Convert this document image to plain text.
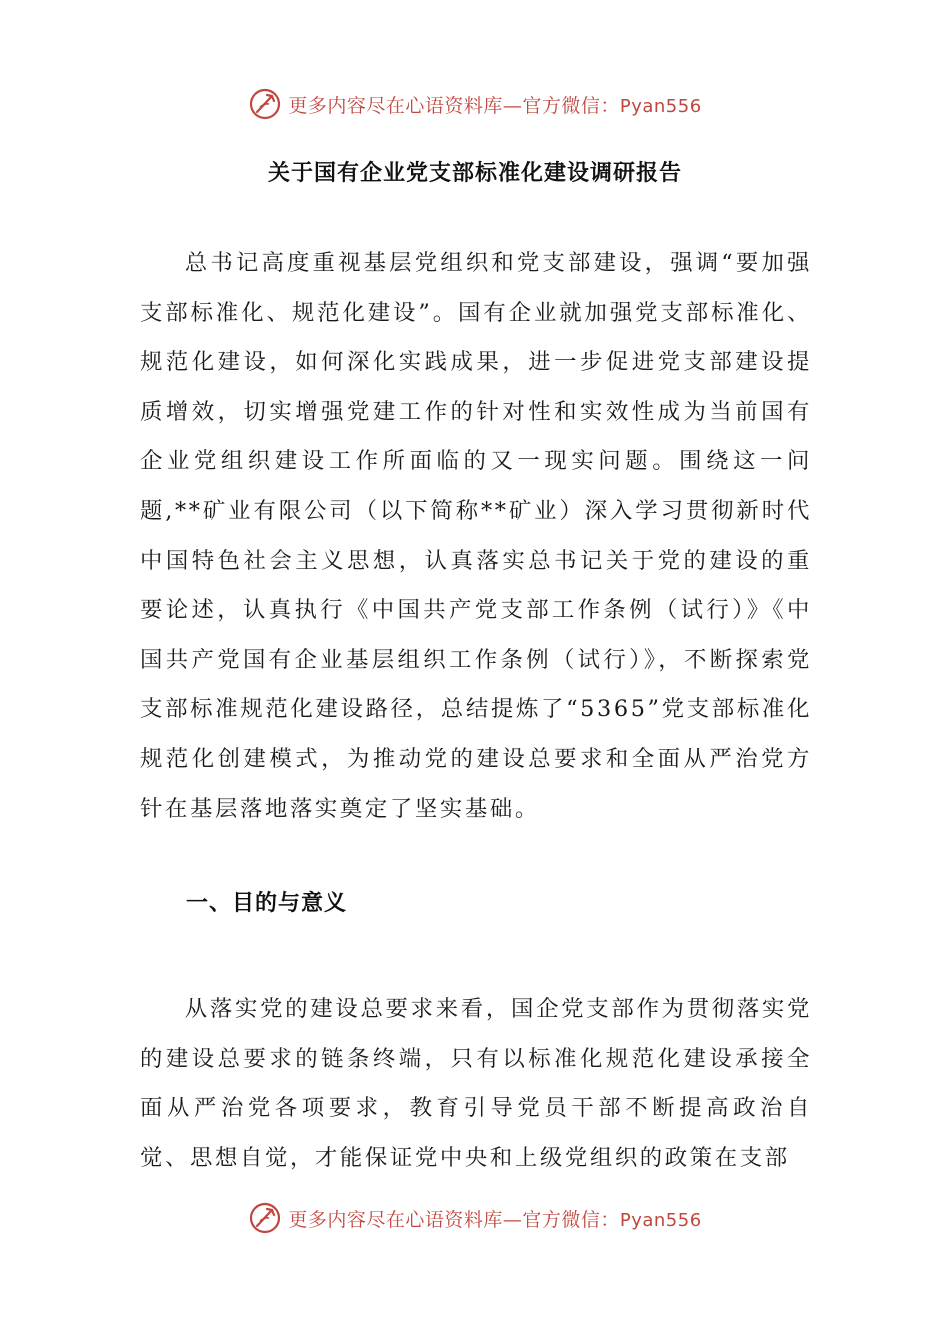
更多内容尽在心语资料库—官方微信：Pyan556
关于国有企业党支部标准化建设调研报告

总书记高度重视基层党组织和党支部建设，强调“要加强支部标准化、规范化建设”。国有企业就加强党支部标准化、规范化建设，如何深化实践成果，进一步促进党支部建设提质增效，切实增强党建工作的针对性和实效性成为当前国有企业党组织建设工作所面临的又一现实问题。围绕这一问题,**矿业有限公司（以下简称**矿业）深入学习贯彻新时代中国特色社会主义思想，认真落实总书记关于党的建设的重要论述，认真执行《中国共产党支部工作条例（试行）》《中国共产党国有企业基层组织工作条例（试行）》，不断探索党支部标准规范化建设路径，总结提炼了“5365”党支部标准化规范化创建模式，为推动党的建设总要求和全面从严治党方针在基层落地落实奠定了坚实基础。

一、目的与意义

从落实党的建设总要求来看，国企党支部作为贯彻落实党的建设总要求的链条终端，只有以标准化规范化建设承接全面从严治党各项要求，教育引导党员干部不断提高政治自觉、思想自觉，才能保证党中央和上级党组织的政策在支部

更多内容尽在心语资料库—官方微信：Pyan556
